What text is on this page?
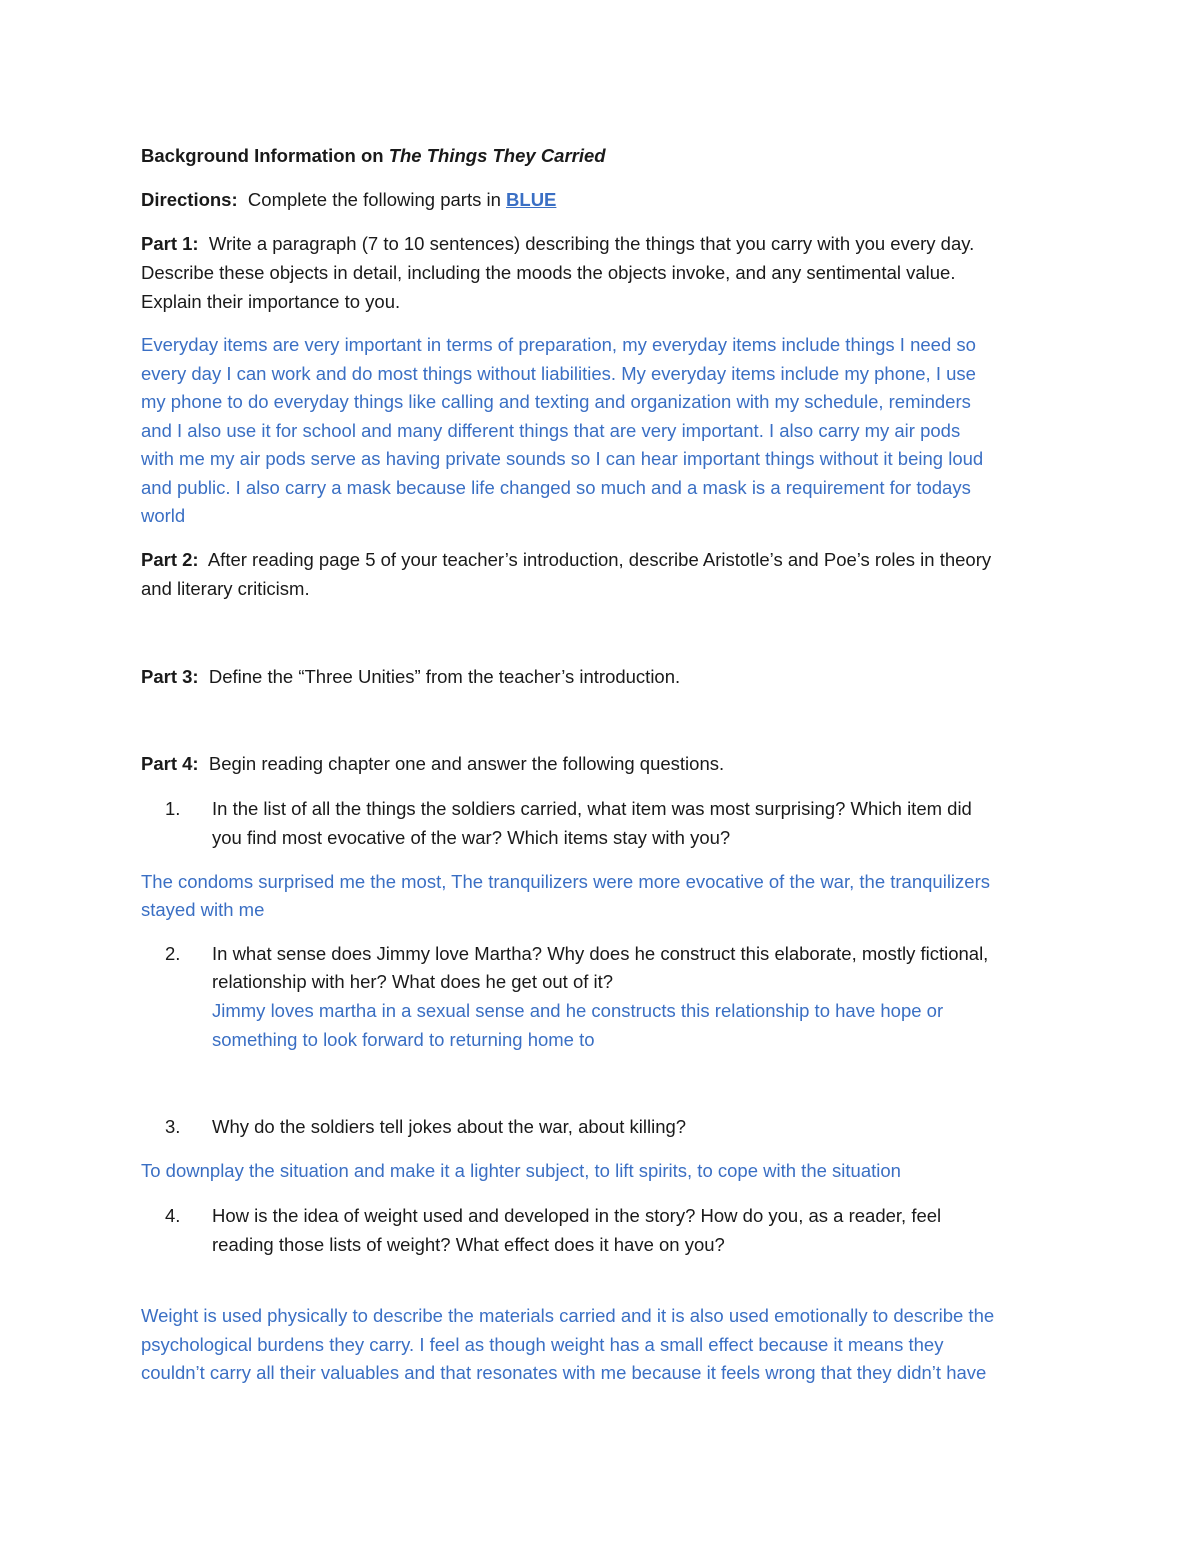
Background Information on The Things They Carried
Directions: Complete the following parts in BLUE
Part 1: Write a paragraph (7 to 10 sentences) describing the things that you carry with you every day.
Describe these objects in detail, including the moods the objects invoke, and any sentimental value.
Explain their importance to you.
Everyday items are very important in terms of preparation, my everyday items include things I need so
every day I can work and do most things without liabilities. My everyday items include my phone, I use
my phone to do everyday things like calling and texting and organization with my schedule, reminders
and I also use it for school and many different things that are very important. I also carry my air pods
with me my air pods serve as having private sounds so I can hear important things without it being loud
and public. I also carry a mask because life changed so much and a mask is a requirement for todays
world
Part 2: After reading page 5 of your teacher’s introduction, describe Aristotle’s and Poe’s roles in theory
and literary criticism.
Part 3: Define the “Three Unities” from the teacher’s introduction.
Part 4: Begin reading chapter one and answer the following questions.
1. In the list of all the things the soldiers carried, what item was most surprising? Which item did
you find most evocative of the war? Which items stay with you?
The condoms surprised me the most, The tranquilizers were more evocative of the war, the tranquilizers
stayed with me
2. In what sense does Jimmy love Martha? Why does he construct this elaborate, mostly fictional,
relationship with her? What does he get out of it?
Jimmy loves martha in a sexual sense and he constructs this relationship to have hope or
something to look forward to returning home to
3. Why do the soldiers tell jokes about the war, about killing?
To downplay the situation and make it a lighter subject, to lift spirits, to cope with the situation
4. How is the idea of weight used and developed in the story? How do you, as a reader, feel
reading those lists of weight? What effect does it have on you?
Weight is used physically to describe the materials carried and it is also used emotionally to describe the
psychological burdens they carry. I feel as though weight has a small effect because it means they
couldn’t carry all their valuables and that resonates with me because it feels wrong that they didn’t have
